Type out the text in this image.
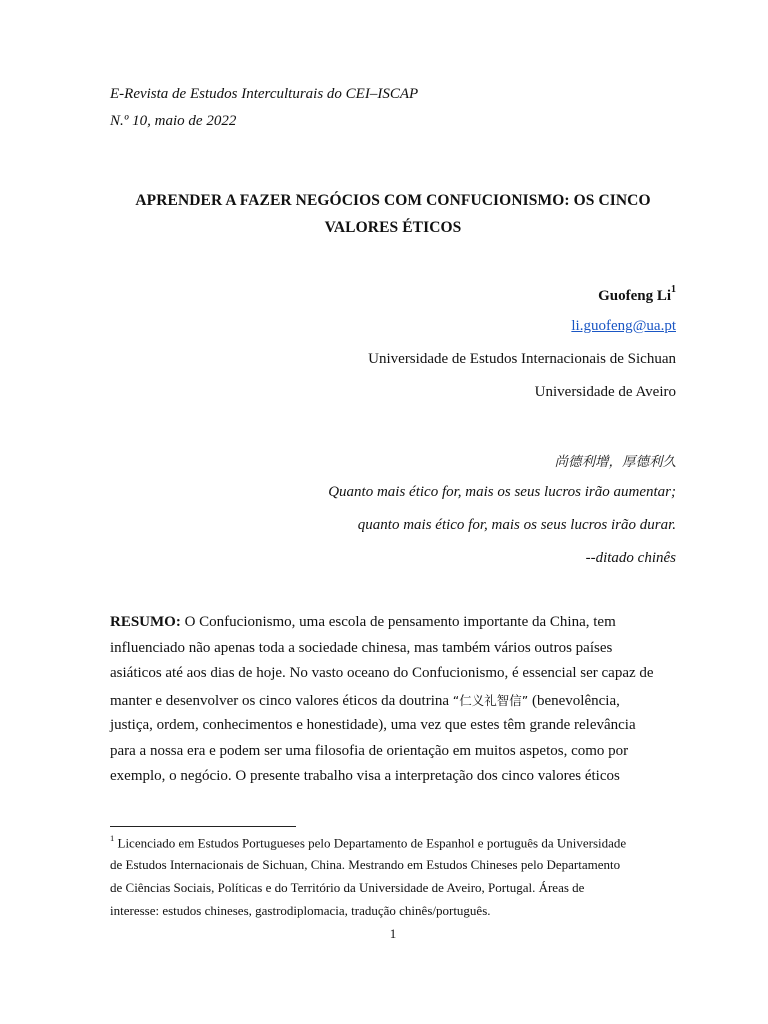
E-Revista de Estudos Interculturais do CEI–ISCAP
N.º 10, maio de 2022
APRENDER A FAZER NEGÓCIOS COM CONFUCIONISMO: OS CINCO
VALORES ÉTICOS
Guofeng Li$^1$
li.guofeng@ua.pt
Universidade de Estudos Internacionais de Sichuan
Universidade de Aveiro
尚德利增，厚德利久
Quanto mais ético for, mais os seus lucros irão aumentar;
quanto mais ético for, mais os seus lucros irão durar.
--ditado chinês
RESUMO: O Confucionismo, uma escola de pensamento importante da China, tem
influenciado não apenas toda a sociedade chinesa, mas também vários outros países
asiáticos até aos dias de hoje. No vasto oceano do Confucionismo, é essencial ser capaz de
manter e desenvolver os cinco valores éticos da doutrina “仁义礼智信” (benevolência,
justiça, ordem, conhecimentos e honestidade), uma vez que estes têm grande relevância
para a nossa era e podem ser uma filosofia de orientação em muitos aspetos, como por
exemplo, o negócio. O presente trabalho visa a interpretação dos cinco valores éticos
$^1$ Licenciado em Estudos Portugueses pelo Departamento de Espanhol e português da Universidade
de Estudos Internacionais de Sichuan, China. Mestrando em Estudos Chineses pelo Departamento
de Ciências Sociais, Políticas e do Território da Universidade de Aveiro, Portugal. Áreas de
interesse: estudos chineses, gastrodiplomacia, tradução chinês/português.
1
